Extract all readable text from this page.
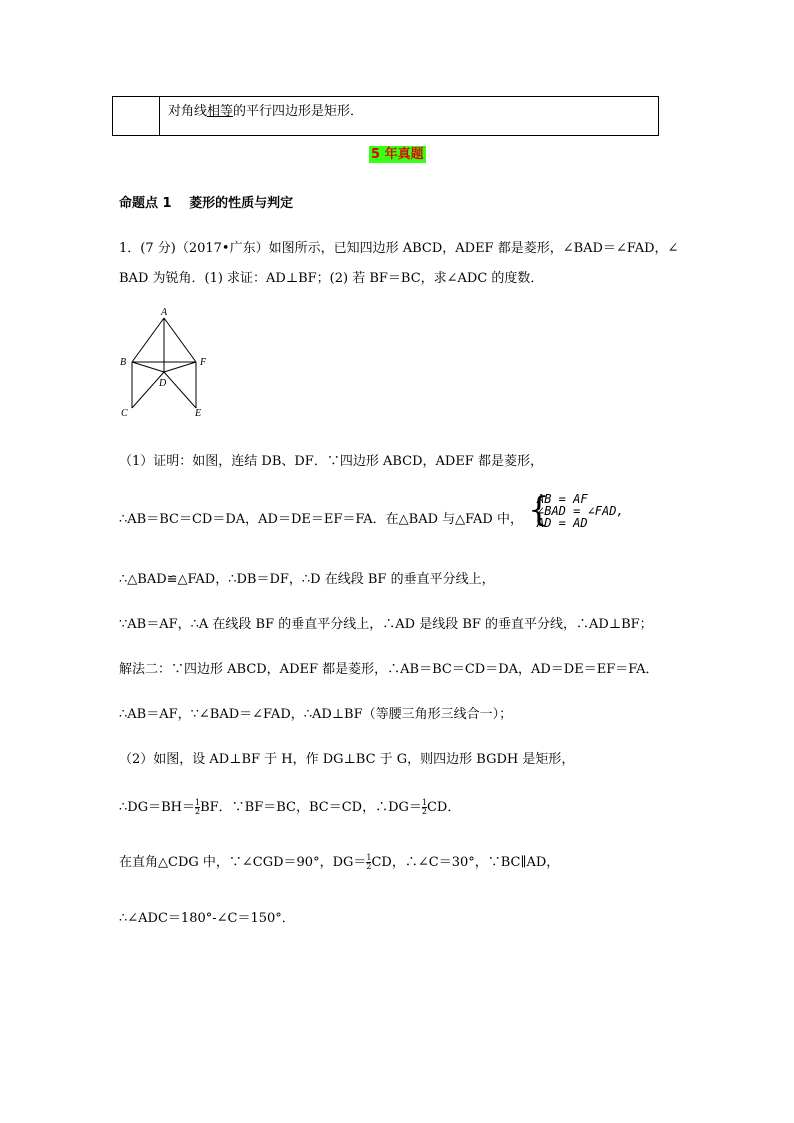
对角线相等的平行四边形是矩形．
5 年真题
命题点 1　 菱形的性质与判定
1．(7 分)（2017•广东）如图所示，已知四边形 ABCD，ADEF 都是菱形，∠BAD＝∠FAD，∠
BAD 为锐角．(1) 求证：AD⊥BF；(2) 若 BF＝BC，求∠ADC 的度数．
A
B	F
D
C	E
（1）证明：如图，连结 DB、DF．∵四边形 ABCD，ADEF 都是菱形，
∴AB＝BC＝CD＝DA，AD＝DE＝EF＝FA．在△BAD 与△FAD 中， {
AB = AF
∠BAD = ∠FAD,
AD = AD
∴△BAD≌△FAD，∴DB＝DF，∴D 在线段 BF 的垂直平分线上，
∵AB＝AF，∴A 在线段 BF 的垂直平分线上，∴AD 是线段 BF 的垂直平分线，∴AD⊥BF；
解法二：∵四边形 ABCD，ADEF 都是菱形，∴AB＝BC＝CD＝DA，AD＝DE＝EF＝FA．
∴AB＝AF，∵∠BAD＝∠FAD，∴AD⊥BF（等腰三角形三线合一）；
（2）如图，设 AD⊥BF 于 H，作 DG⊥BC 于 G，则四边形 BGDH 是矩形，
∴DG＝BH＝ $\frac{1}{2}$ BF．∵BF＝BC，BC＝CD，∴DG＝ $\frac{1}{2}$ CD．
在直角△CDG 中，∵∠CGD＝90°，$DG= \frac{1}{2}$ CD，∴∠C＝30°，∵BC∥AD，
∴∠ADC＝180°-∠C＝150°．
